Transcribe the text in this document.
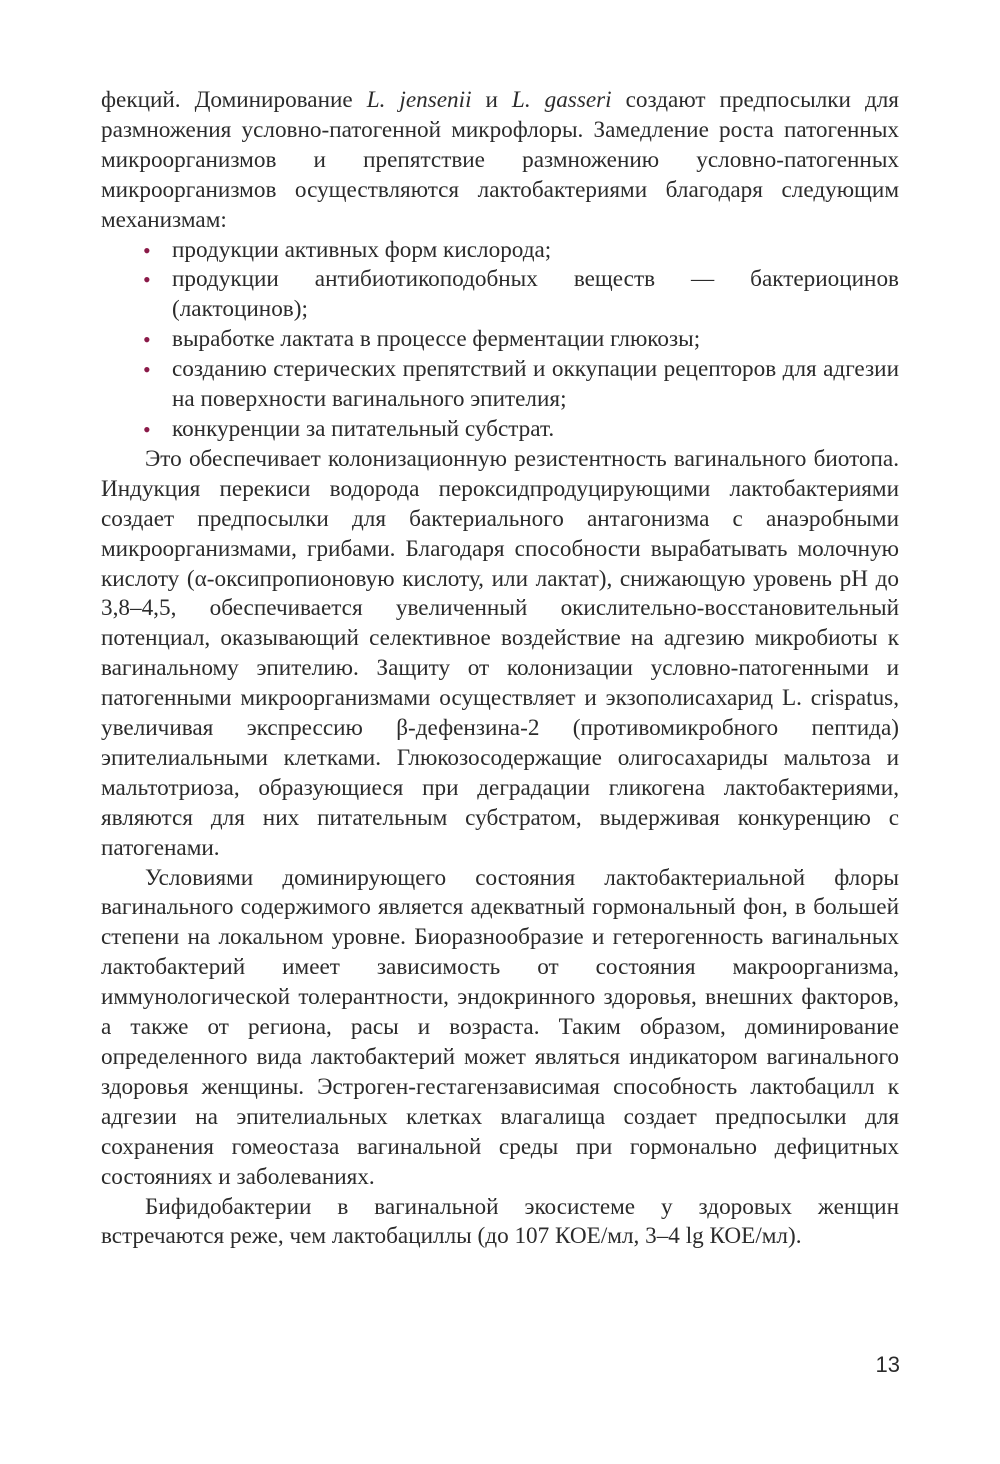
фекций. Доминирование L. jensenii и L. gasseri создают предпосылки для размножения условно-патогенной микрофлоры. Замедление роста патогенных микроорганизмов и препятствие размножению условно-патогенных микроорганизмов осуществляются лактобактериями благодаря следующим механизмам:

• продукции активных форм кислорода;
• продукции антибиотикоподобных веществ — бактериоцинов (лактоцинов);
• выработке лактата в процессе ферментации глюкозы;
• созданию стерических препятствий и оккупации рецепторов для адгезии на поверхности вагинального эпителия;
• конкуренции за питательный субстрат.

Это обеспечивает колонизационную резистентность вагинального биотопа. Индукция перекиси водорода пероксидпродуцирующими лактобактериями создает предпосылки для бактериального антагонизма с анаэробными микроорганизмами, грибами. Благодаря способности вырабатывать молочную кислоту (α-оксипропионовую кислоту, или лактат), снижающую уровень pH до 3,8–4,5, обеспечивается увеличенный окислительно-восстановительный потенциал, оказывающий селективное воздействие на адгезию микробиоты к вагинальному эпителию. Защиту от колонизации условно-патогенными и патогенными микроорганизмами осуществляет и экзополисахарид L. crispatus, увеличивая экспрессию β-дефензина-2 (противомикробного пептида) эпителиальными клетками. Глюкозосодержащие олигосахариды мальтоза и мальтотриоза, образующиеся при деградации гликогена лактобактериями, являются для них питательным субстратом, выдерживая конкуренцию с патогенами.

Условиями доминирующего состояния лактобактериальной флоры вагинального содержимого является адекватный гормональный фон, в большей степени на локальном уровне. Биоразнообразие и гетерогенность вагинальных лактобактерий имеет зависимость от состояния макроорганизма, иммунологической толерантности, эндокринного здоровья, внешних факторов, а также от региона, расы и возраста. Таким образом, доминирование определенного вида лактобактерий может являться индикатором вагинального здоровья женщины. Эстроген-гестагензависимая способность лактобацилл к адгезии на эпителиальных клетках влагалища создает предпосылки для сохранения гомеостаза вагинальной среды при гормонально дефицитных состояниях и заболеваниях.

Бифидобактерии в вагинальной экосистеме у здоровых женщин встречаются реже, чем лактобациллы (до 107 КОЕ/мл, 3–4 lg КОЕ/мл).

13
